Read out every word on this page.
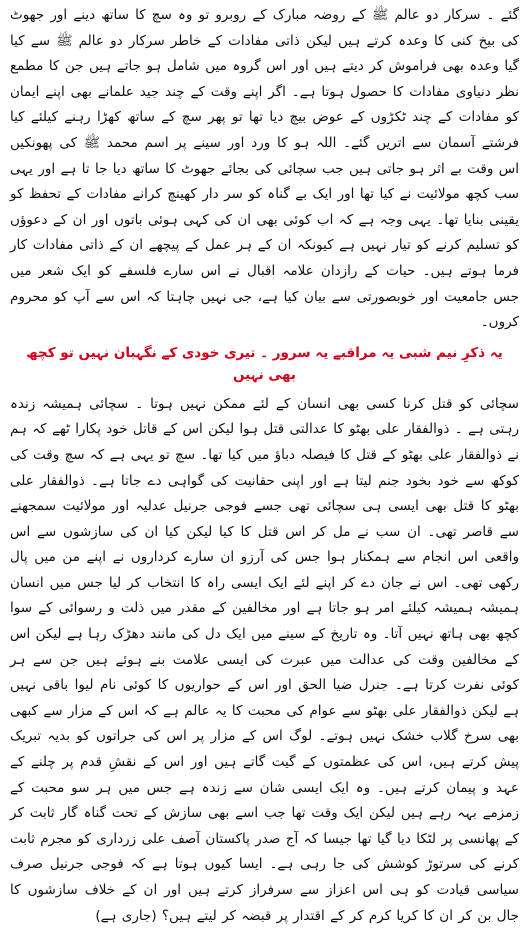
گئے ۔ سرکار دو عالم ﷺ کے روضہ مبارک کے روبرو تو وہ سچ کا ساتھ دینے اور جھوٹ کی بیخ کنی کا وعدہ کرتے ہیں لیکن ذاتی مفادات کے خاطر سرکار دو عالم ﷺ سے کیا گیا وعدہ بھی فراموش کر دیتے ہیں اور اس گروہ میں شامل ہو جاتے ہیں جن کا مطمع نظر دنیاوی مفادات کا حصول ہوتا ہے۔ اگر اپنے وقت کے چند جید علمانے بھی اپنے ایمان کو مفادات کے چند ٹکڑوں کے عوض بیچ دیا تھا تو پھر سچ کے ساتھ کھڑا رہنے کیلئے کیا فرشتے آسمان سے اتریں گئے۔ اللہ ہو کا ورد اور سینے پر اسم محمد ﷺ کی پھونکیں اس وقت بے اثر ہو جاتی ہیں جب سچائی کی بجائے جھوٹ کا ساتھ دیا جا تا ہے اور یہی سب کچھ مولائیت نے کیا تھا اور ایک بے گناہ کو سر دار کھینچ کرانے مفادات کے تحفظ کو یقینی بنایا تھا۔ یہی وجہ ہے کہ اب کوئی بھی ان کی کہی ہوئی باتوں اور ان کے دعوؤں کو تسلیم کرنے کو تیار نہیں ہے کیونکہ ان کے ہر عمل کے پیچھے ان کے ذاتی مفادات کار فرما ہوتے ہیں۔ حیات کے رازدان علامہ اقبال نے اس سارے فلسفے کو ایک شعر میں جس جامعیت اور خوبصورتی سے بیان کیا ہے، جی نہیں چاہتا کہ اس سے آپ کو محروم کروں۔

یہ ذکرِ نیم شبی یہ مراقبے یہ سرور ۔ تیری خودی کے نگہبان نہیں تو کچھ بھی نہیں

سچائی کو قتل کرنا کسی بھی انسان کے لئے ممکن نہیں ہوتا ۔ سچائی ہمیشہ زندہ رہتی ہے ۔ ذوالفقار علی بھٹو کا عدالتی قتل ہوا لیکن اس کے قاتل خود پکارا ٹھے کہ ہم نے ذوالفقار علی بھٹو کے قتل کا فیصلہ دباؤ میں کیا تھا۔ سچ تو یہی ہے کہ سچ وقت کی کوکھ سے خود بخود جنم لیتا ہے اور اپنی حقانیت کی گواہی دے جاتا ہے۔ ذوالفقار علی بھٹو کا قتل بھی ایسی ہی سچائی تھی جسے فوجی جرنیل عدلیہ اور مولائیت سمجھنے سے قاصر تھی۔ ان سب نے مل کر اس قتل کا کیا لیکن کیا ان کی سازشوں سے اس واقعی اس انجام سے ہمکنار ہوا جس کی آرزو ان سارے کرداروں نے اپنے من میں پال رکھی تھی۔ اس نے جان دے کر اپنے لئے ایک ایسی راہ کا انتخاب کر لیا جس میں انسان ہمیشہ ہمیشہ کیلئے امر ہو جاتا ہے اور مخالفین کے مقدر میں ذلت و رسوائی کے سوا کچھ بھی ہاتھ نہیں آتا۔ وہ تاریخ کے سینے میں ایک دل کی مانند دھڑک رہا ہے لیکن اس کے مخالفین وقت کی عدالت میں عبرت کی ایسی علامت بنے ہوئے ہیں جن سے ہر کوئی نفرت کرتا ہے۔ جنرل ضیا الحق اور اس کے حواریوں کا کوئی نام لیوا باقی نہیں ہے لیکن ذوالفقار علی بھٹو سے عوام کی محبت کا یہ عالم ہے کہ اس کے مزار سے کبھی بھی سرخ گلاب خشک نہیں ہوتے۔ لوگ اس کے مزار پر اس کی جراتوں کو بدیہ تبریک پیش کرتے ہیں، اس کی عظمتوں کے گیت گاتے ہیں اور اس کے نقشِ قدم پر چلنے کے عہد و پیمان کرتے ہیں۔ وہ ایک ایسی شان سے زندہ ہے جس میں ہر سو محبت کے زمزمے بہہ رہے ہیں لیکن ایک وقت تھا جب اسے بھی سازش کے تحت گناہ گار ثابت کر کے پھانسی پر لٹکا دیا گیا تھا جیسا کہ آج صدر پاکستان آصف علی زرداری کو مجرم ثابت کرنے کی سرتوڑ کوشش کی جا رہی ہے۔ ایسا کیوں ہوتا ہے کہ فوجی جرنیل صرف سیاسی قیادت کو ہی اس اعزاز سے سرفراز کرتے ہیں اور ان کے خلاف سازشوں کا جال بن کر ان کا کریا کرم کر کے اقتدار پر قبضہ کر لیتے ہیں؟ (جاری ہے)
